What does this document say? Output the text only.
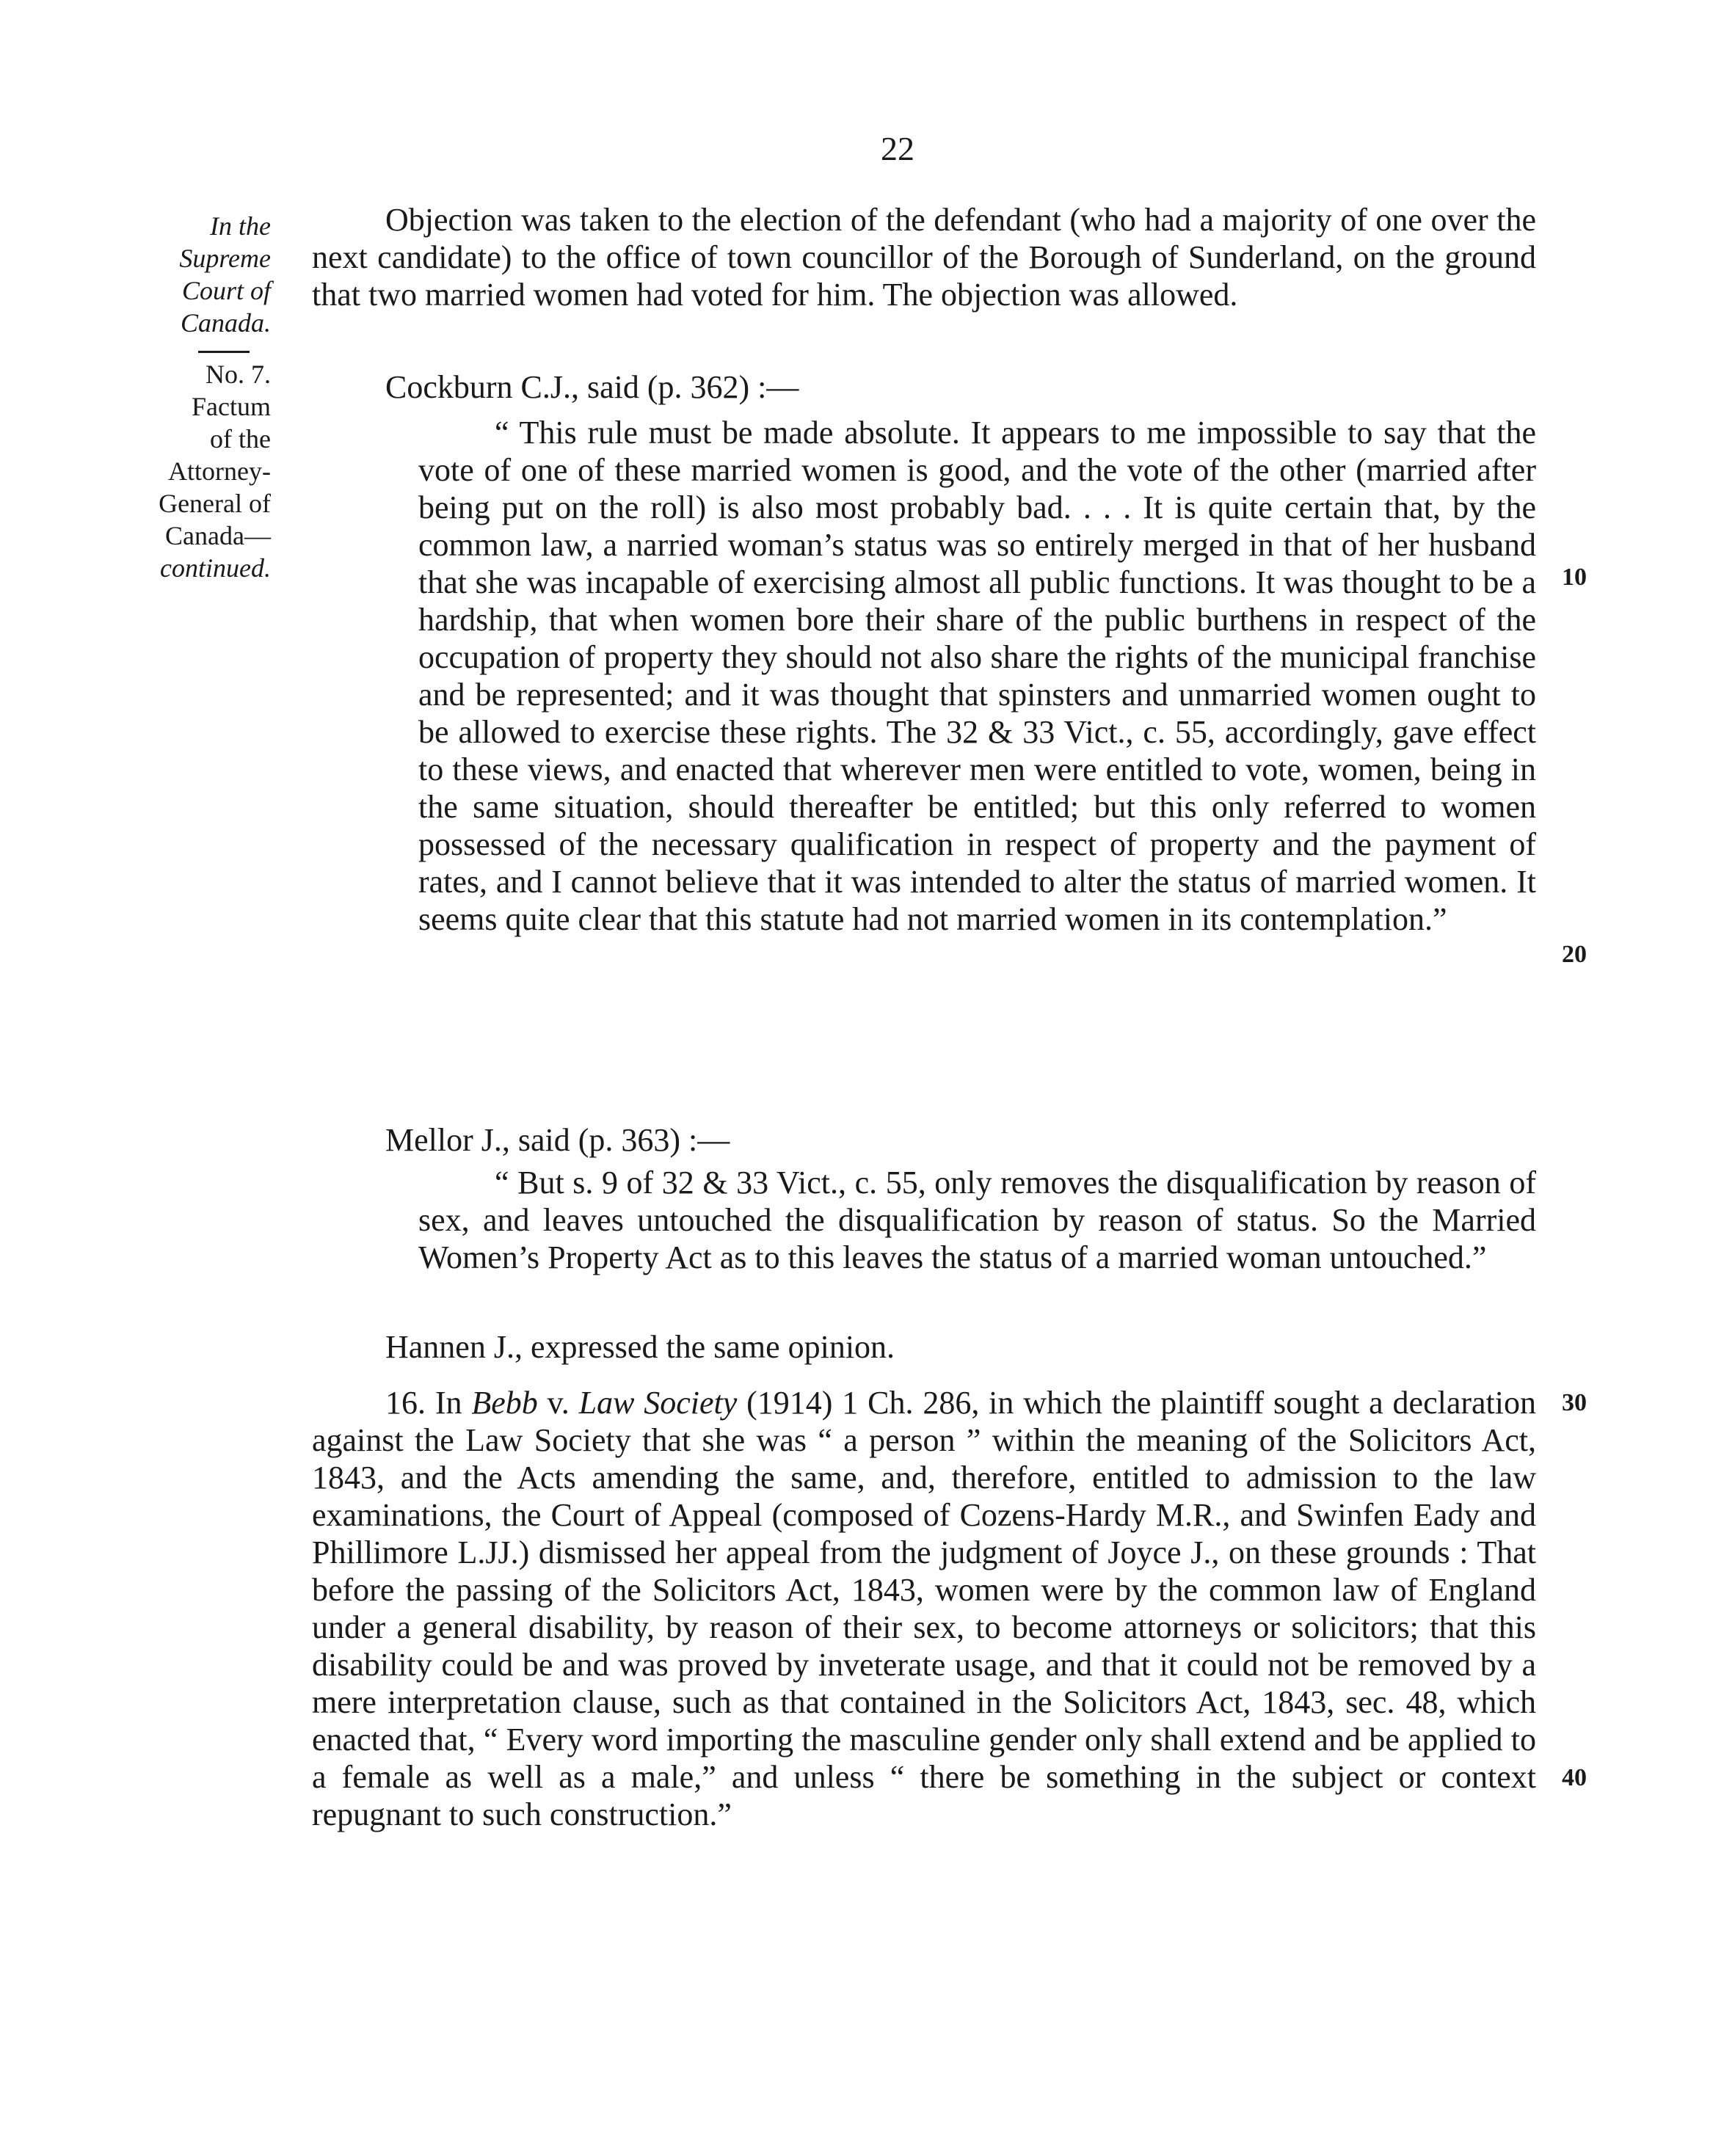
22
In the
Supreme
Court of
Canada.
No. 7.
Factum
of the
Attorney-
General of
Canada—
continued.	10
20
30
40

Objection was taken to the election of the defendant (who had a majority of one over the next candidate) to the office of town councillor of the Borough of Sunderland, on the ground that two married women had voted for him. The objection was allowed.

Cockburn C.J., said (p. 362) :—

“ This rule must be made absolute. It appears to me impossible to say that the vote of one of these married women is good, and the vote of the other (married after being put on the roll) is also most probably bad. . . . It is quite certain that, by the common law, a narried woman’s status was so entirely merged in that of her husband that she was incapable of exercising almost all public functions. It was thought to be a hardship, that when women bore their share of the public burthens in respect of the occupation of property they should not also share the rights of the municipal franchise and be represented; and it was thought that spinsters and unmarried women ought to be allowed to exercise these rights. The 32 & 33 Vict., c. 55, accordingly, gave effect to these views, and enacted that wherever men were entitled to vote, women, being in the same situation, should thereafter be entitled; but this only referred to women possessed of the necessary qualification in respect of property and the payment of rates, and I cannot believe that it was intended to alter the status of married women. It seems quite clear that this statute had not married women in its contemplation.”

Mellor J., said (p. 363) :—

“ But s. 9 of 32 & 33 Vict., c. 55, only removes the disqualification by reason of sex, and leaves untouched the disqualification by reason of status. So the Married Women’s Property Act as to this leaves the status of a married woman untouched.”

Hannen J., expressed the same opinion.

16. In Bebb v. Law Society (1914) 1 Ch. 286, in which the plaintiff sought a declaration against the Law Society that she was “ a person ” within the meaning of the Solicitors Act, 1843, and the Acts amending the same, and, therefore, entitled to admission to the law examinations, the Court of Appeal (composed of Cozens-Hardy M.R., and Swinfen Eady and Phillimore L.JJ.) dismissed her appeal from the judgment of Joyce J., on these grounds : That before the passing of the Solicitors Act, 1843, women were by the common law of England under a general disability, by reason of their sex, to become attorneys or solicitors; that this disability could be and was proved by inveterate usage, and that it could not be removed by a mere interpretation clause, such as that contained in the Solicitors Act, 1843, sec. 48, which enacted that, “ Every word importing the masculine gender only shall extend and be applied to a female as well as a male,” and unless “ there be something in the subject or context repugnant to such construction.”
